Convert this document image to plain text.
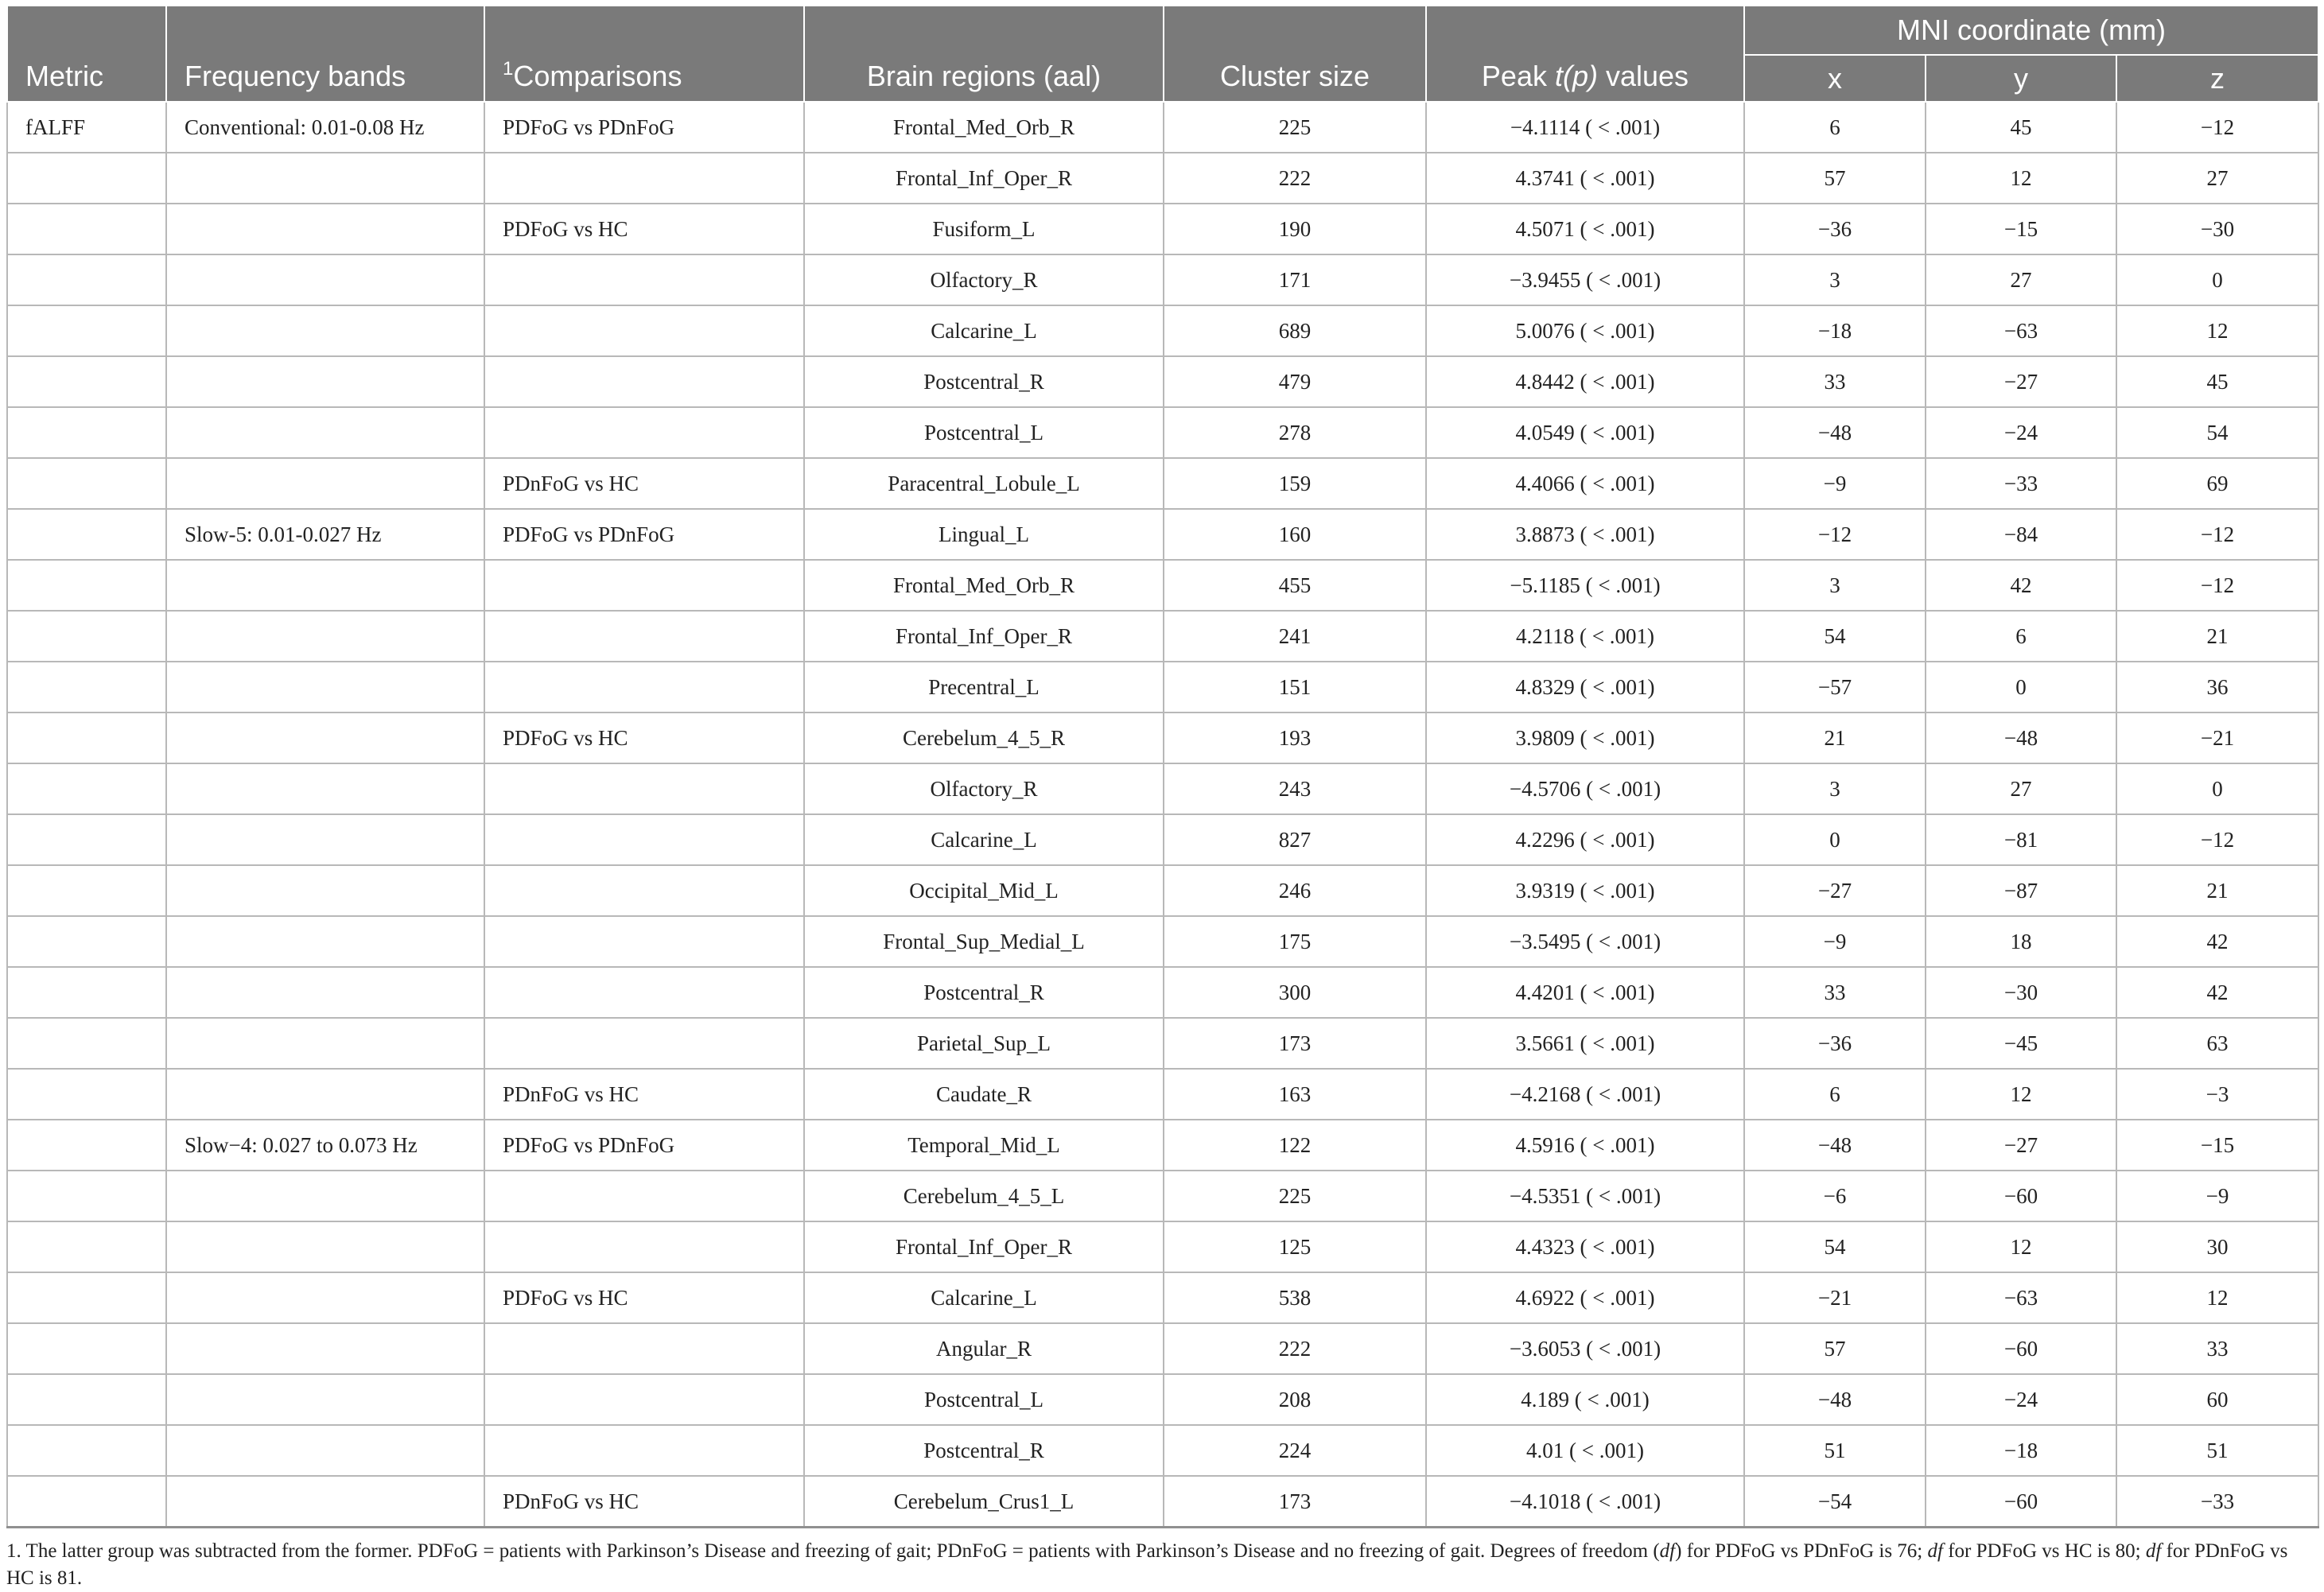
Metric	Frequency bands	$^1$Comparisons	Brain regions (aal)	Cluster size	Peak t(p) values	MNI coordinate (mm)		
						x	y	z
fALFF	Conventional: 0.01-0.08 Hz	PDFoG vs PDnFoG	Frontal_Med_Orb_R	225	−4.1114 ( < .001)	6	45	−12
			Frontal_Inf_Oper_R	222	4.3741 ( < .001)	57	12	27
		PDFoG vs HC	Fusiform_L	190	4.5071 ( < .001)	−36	−15	−30
			Olfactory_R	171	−3.9455 ( < .001)	3	27	0
			Calcarine_L	689	5.0076 ( < .001)	−18	−63	12
			Postcentral_R	479	4.8442 ( < .001)	33	−27	45
			Postcentral_L	278	4.0549 ( < .001)	−48	−24	54
		PDnFoG vs HC	Paracentral_Lobule_L	159	4.4066 ( < .001)	−9	−33	69
	Slow-5: 0.01-0.027 Hz	PDFoG vs PDnFoG	Lingual_L	160	3.8873 ( < .001)	−12	−84	−12
			Frontal_Med_Orb_R	455	−5.1185 ( < .001)	3	42	−12
			Frontal_Inf_Oper_R	241	4.2118 ( < .001)	54	6	21
			Precentral_L	151	4.8329 ( < .001)	−57	0	36
		PDFoG vs HC	Cerebelum_4_5_R	193	3.9809 ( < .001)	21	−48	−21
			Olfactory_R	243	−4.5706 ( < .001)	3	27	0
			Calcarine_L	827	4.2296 ( < .001)	0	−81	−12
			Occipital_Mid_L	246	3.9319 ( < .001)	−27	−87	21
			Frontal_Sup_Medial_L	175	−3.5495 ( < .001)	−9	18	42
			Postcentral_R	300	4.4201 ( < .001)	33	−30	42
			Parietal_Sup_L	173	3.5661 ( < .001)	−36	−45	63
		PDnFoG vs HC	Caudate_R	163	−4.2168 ( < .001)	6	12	−3
	Slow−4: 0.027 to 0.073 Hz	PDFoG vs PDnFoG	Temporal_Mid_L	122	4.5916 ( < .001)	−48	−27	−15
			Cerebelum_4_5_L	225	−4.5351 ( < .001)	−6	−60	−9
			Frontal_Inf_Oper_R	125	4.4323 ( < .001)	54	12	30
		PDFoG vs HC	Calcarine_L	538	4.6922 ( < .001)	−21	−63	12
			Angular_R	222	−3.6053 ( < .001)	57	−60	33
			Postcentral_L	208	4.189 ( < .001)	−48	−24	60
			Postcentral_R	224	4.01 ( < .001)	51	−18	51
		PDnFoG vs HC	Cerebelum_Crus1_L	173	−4.1018 ( < .001)	−54	−60	−33
1. The latter group was subtracted from the former. PDFoG = patients with Parkinson’s Disease and freezing of gait; PDnFoG = patients with Parkinson’s Disease and no freezing of gait. Degrees of freedom (df) for PDFoG vs PDnFoG is 76; df for PDFoG vs HC is 80; df for PDnFoG vs HC is 81.
